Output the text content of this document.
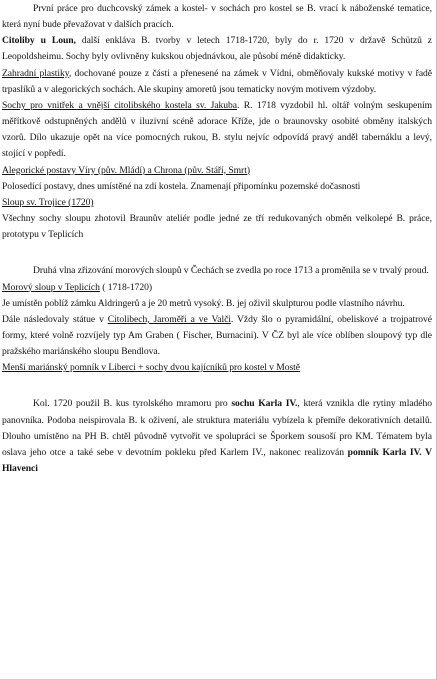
První práce pro duchcovský zámek a kostel- v sochách pro kostel se B. vrací k náboženské tematice, která nyní bude převažovat v dalších pracích.

Citoliby u Loun, další enkláva B. tvorby v letech 1718-1720, byly do r. 1720 v državě Schützů z Leopoldsheimu. Sochy byly ovlivněny kukskou objednávkou, ale působí méně didakticky.

Zahradní plastiky, dochované pouze z části a přenesené na zámek v Vídni, obměňovaly kukské motivy v řadě trpaslíků a v alegorických sochách. Ale skupiny amoretů jsou tematicky novým motivem výzdoby.

Sochy pro vnitřek a vnější citolibského kostela sv. Jakuba. R. 1718 vyzdobil hl. oltář volným seskupením měřítkově odstupněných andělů v iluzivní scéně adorace Kříže, jde o braunovsky osobité obměny italských vzorů. Dílo ukazuje opět na více pomocných rukou, B. stylu nejvíc odpovídá pravý anděl tabernáklu a levý, stojící v popředí.

Alegorické postavy Víry (pův. Mládí) a Chrona (pův. Stáří, Smrt)

Polosedící postavy, dnes umístěné na zdi kostela. Znamenají připomínku pozemské dočasnosti

Sloup sv. Trojice (1720)

Všechny sochy sloupu zhotovil Braunův ateliér podle jedné ze tří redukovaných obměn velkolepé B. práce, prototypu v Teplicích

Druhá vlna zřizování morových sloupů v Čechách se zvedla po roce 1713 a proměnila se v trvalý proud.

Morový sloup v Teplicích ( 1718-1720)

Je umístěn poblíž zámku Aldringerů a je 20 metrů vysoký. B. jej oživil skulpturou podle vlastního návrhu.

Dále následovaly státue v Citolibech, Jaroměři a ve Valči. Vždy šlo o pyramidální, obeliskové a trojpatrové formy, které volně rozvíjely typ Am Graben ( Fischer, Burnacini). V ČZ byl ale více oblíben sloupový typ dle pražského mariánského sloupu Bendlova.

Menší mariánský pomník v Liberci + sochy dvou kajícníků pro kostel v Mostě

Kol. 1720 použil B. kus tyrolského mramoru pro sochu Karla IV., která vznikla dle rytiny mladého panovníka. Podoba neispirovala B. k oživení, ale struktura materiálu vybízela k přemíře dekorativních detailů. Dlouho umístěno na PH B. chtěl původně vytvořit ve spolupráci se Šporkem sousoší pro KM. Tématem byla oslava jeho otce a také sebe v devotním pokleku před Karlem IV., nakonec realizován pomník Karla IV. V Hlavenci
